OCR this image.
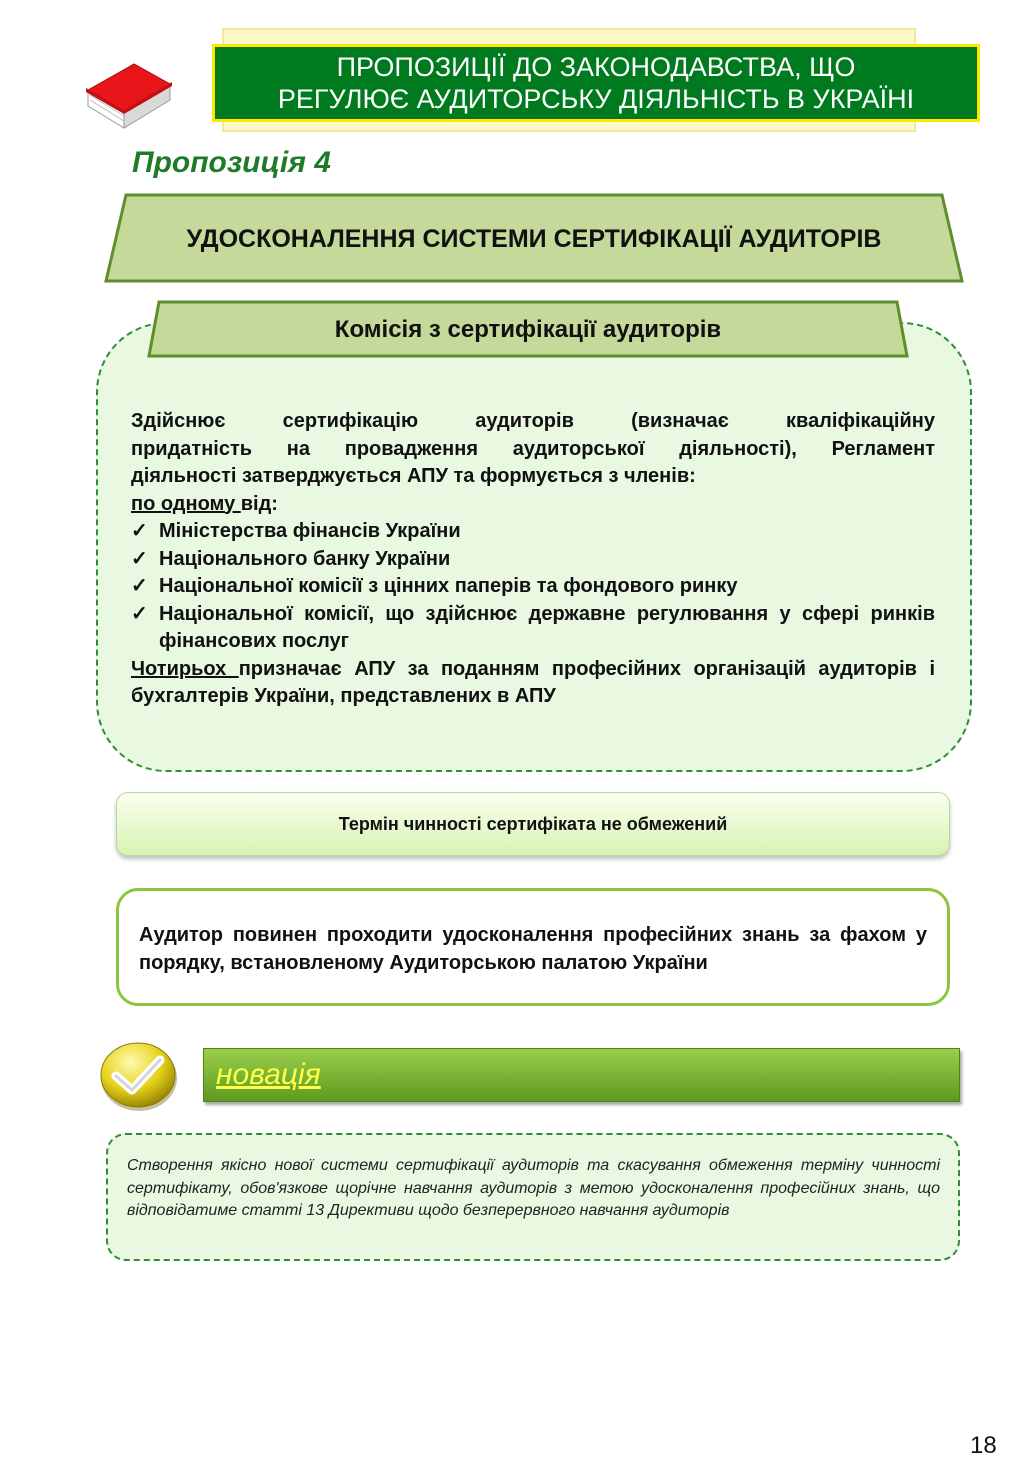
ПРОПОЗИЦІЇ ДО ЗАКОНОДАВСТВА, ЩО
РЕГУЛЮЄ АУДИТОРСЬКУ ДІЯЛЬНІСТЬ В УКРАЇНІ
Пропозиція 4
УДОСКОНАЛЕННЯ СИСТЕМИ СЕРТИФІКАЦІЇ АУДИТОРІВ
Комісія з сертифікації аудиторів
Здійснює сертифікацію аудиторів (визначає кваліфікаційну
придатність на провадження аудиторської діяльності), Регламент
діяльності затверджується АПУ та формується з членів:
по одному від:
✓ Міністерства фінансів України
✓ Національного банку України
✓ Національної комісії з цінних паперів та фондового ринку
✓ Національної комісії, що здійснює державне регулювання у сфері ринків фінансових послуг
Чотирьох призначає АПУ за поданням професійних організацій аудиторів і бухгалтерів України, представлених в АПУ
Термін чинності сертифіката не обмежений
Аудитор повинен проходити удосконалення професійних знань за фахом у порядку, встановленому Аудиторською палатою України
новація
Створення якісно нової системи сертифікації аудиторів та скасування обмеження терміну чинності сертифікату, обов'язкове щорічне навчання аудиторів з метою удосконалення професійних знань, що відповідатиме статті 13 Директиви щодо безперервного навчання аудиторів
18
